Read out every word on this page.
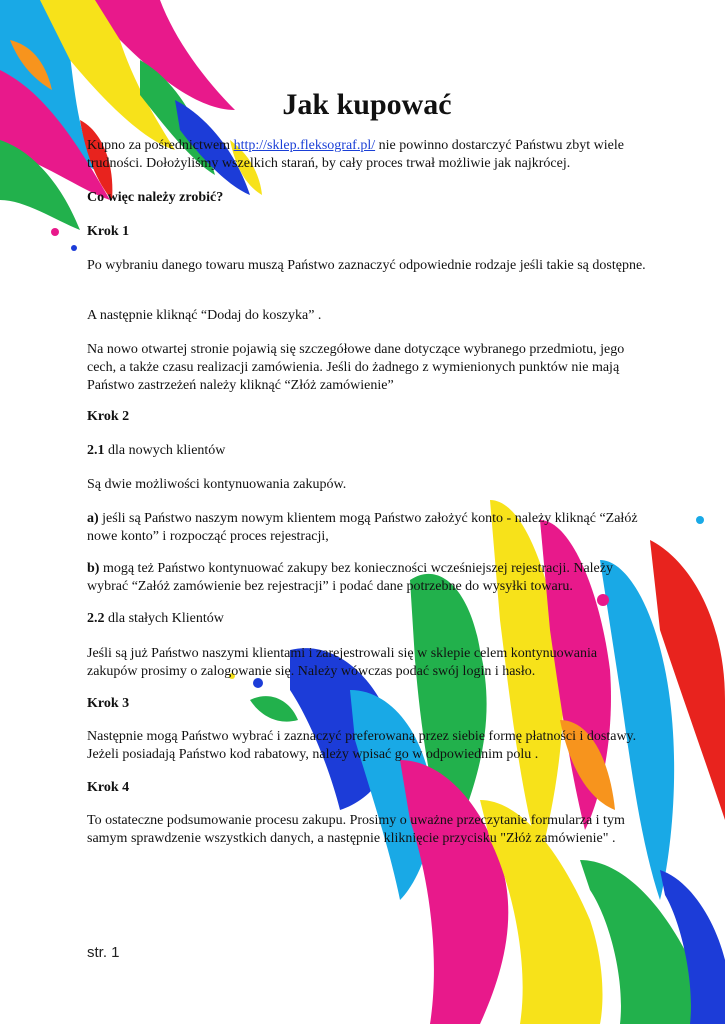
Jak kupować

Kupno za pośrednictwem http://sklep.fleksograf.pl/ nie powinno dostarczyć Państwu zbyt wiele trudności. Dołożyliśmy wszelkich starań, by cały proces trwał możliwie jak najkrócej.

Co więc należy zrobić?

Krok 1

Po wybraniu danego towaru muszą Państwo zaznaczyć odpowiednie rodzaje jeśli takie są dostępne.

A następnie kliknąć “Dodaj do koszyka” .

Na nowo otwartej stronie pojawią się szczegółowe dane dotyczące wybranego przedmiotu, jego cech, a także czasu realizacji zamówienia. Jeśli do żadnego z wymienionych punktów nie mają Państwo zastrzeżeń należy kliknąć “Złóż zamówienie”

Krok 2

2.1 dla nowych klientów

Są dwie możliwości kontynuowania zakupów.

a) jeśli są Państwo naszym nowym klientem mogą Państwo założyć konto - należy kliknąć “Załóż nowe konto” i rozpocząć proces rejestracji,

b) mogą też Państwo kontynuować zakupy bez konieczności wcześniejszej rejestracji. Należy wybrać “Załóż zamówienie bez rejestracji” i podać dane potrzebne do wysyłki towaru.

2.2 dla stałych Klientów

Jeśli są już Państwo naszymi klientami i zarejestrowali się w sklepie celem kontynuowania zakupów prosimy o zalogowanie się. Należy wówczas podać swój login i hasło.

Krok 3

Następnie mogą Państwo wybrać i zaznaczyć preferowaną przez siebie formę płatności i dostawy. Jeżeli posiadają Państwo kod rabatowy, należy wpisać go w odpowiednim polu .

Krok 4

To ostateczne podsumowanie procesu zakupu. Prosimy o uważne przeczytanie formularza i tym samym sprawdzenie wszystkich danych, a następnie kliknięcie przycisku "Złóż zamówienie" .

str. 1
